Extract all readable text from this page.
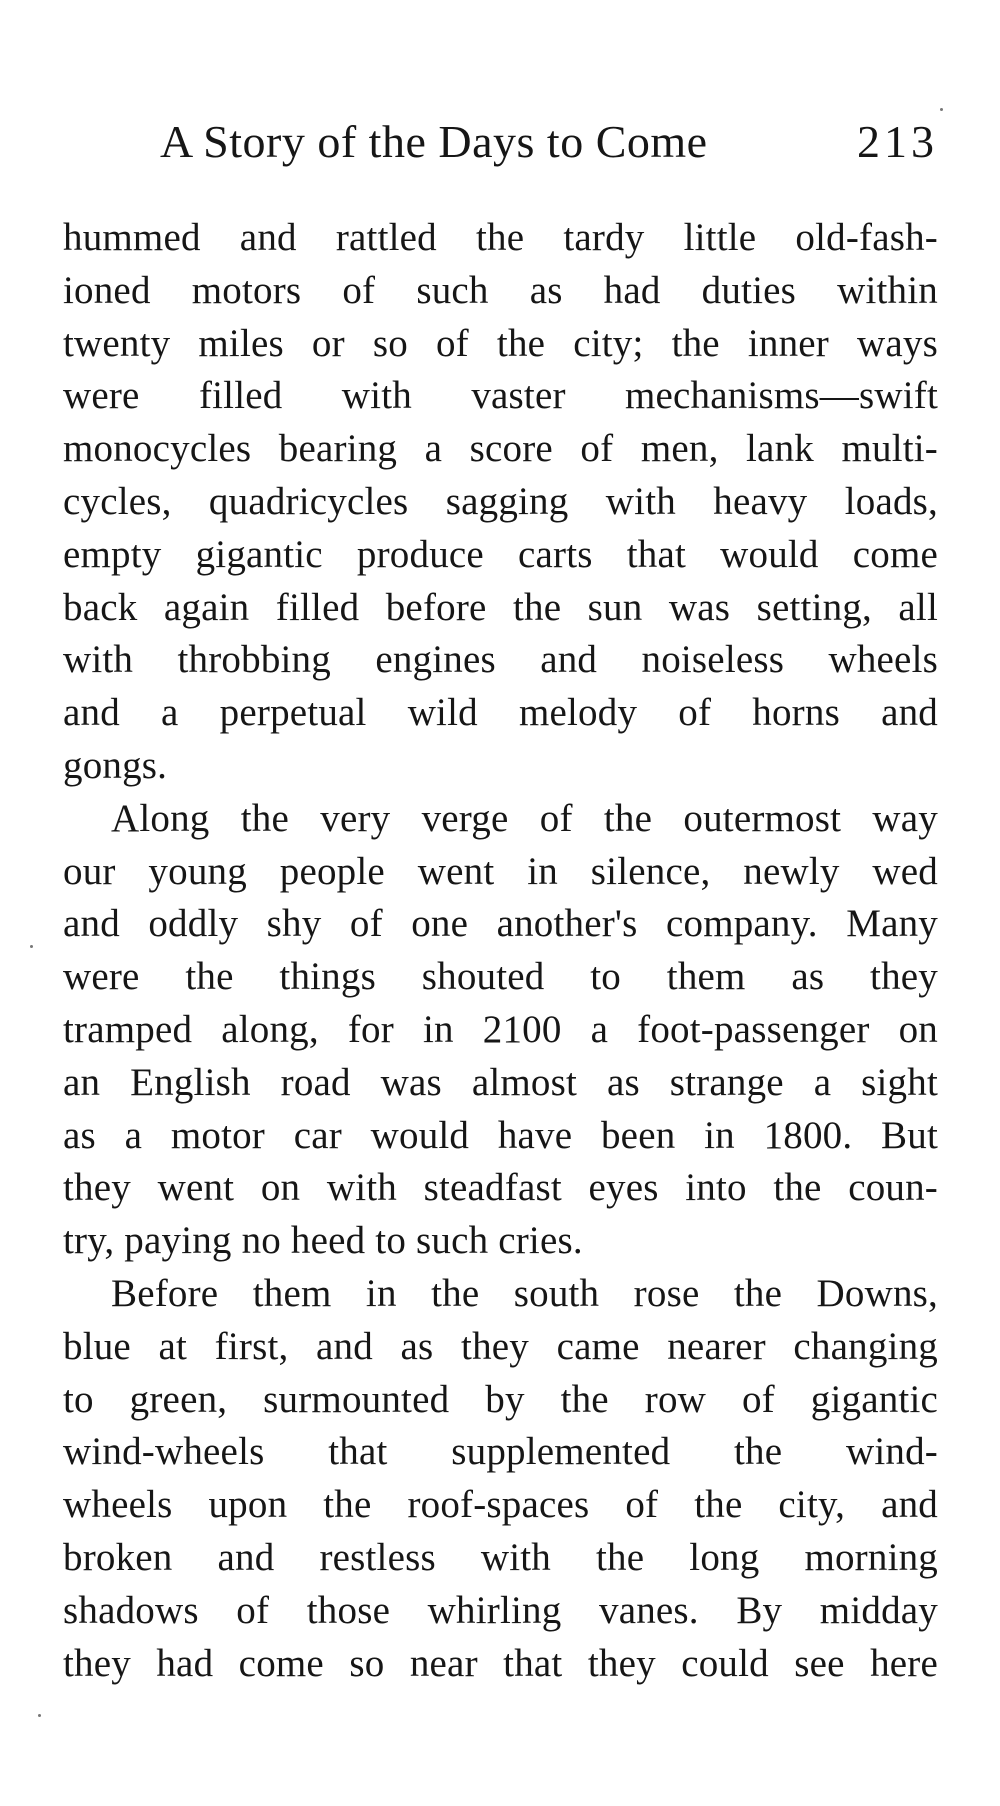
A Story of the Days to Come	213
hummed and rattled the tardy little old-fash-
ioned motors of such as had duties within
twenty miles or so of the city; the inner ways
were filled with vaster mechanisms—swift
monocycles bearing a score of men, lank multi-
cycles, quadricycles sagging with heavy loads,
empty gigantic produce carts that would come
back again filled before the sun was setting, all
with throbbing engines and noiseless wheels
and a perpetual wild melody of horns and
gongs.
Along the very verge of the outermost way
our young people went in silence, newly wed
and oddly shy of one another's company. Many
were the things shouted to them as they
tramped along, for in 2100 a foot-passenger on
an English road was almost as strange a sight
as a motor car would have been in 1800. But
they went on with steadfast eyes into the coun-
try, paying no heed to such cries.
Before them in the south rose the Downs,
blue at first, and as they came nearer changing
to green, surmounted by the row of gigantic
wind-wheels that supplemented the wind-
wheels upon the roof-spaces of the city, and
broken and restless with the long morning
shadows of those whirling vanes. By midday
they had come so near that they could see here
